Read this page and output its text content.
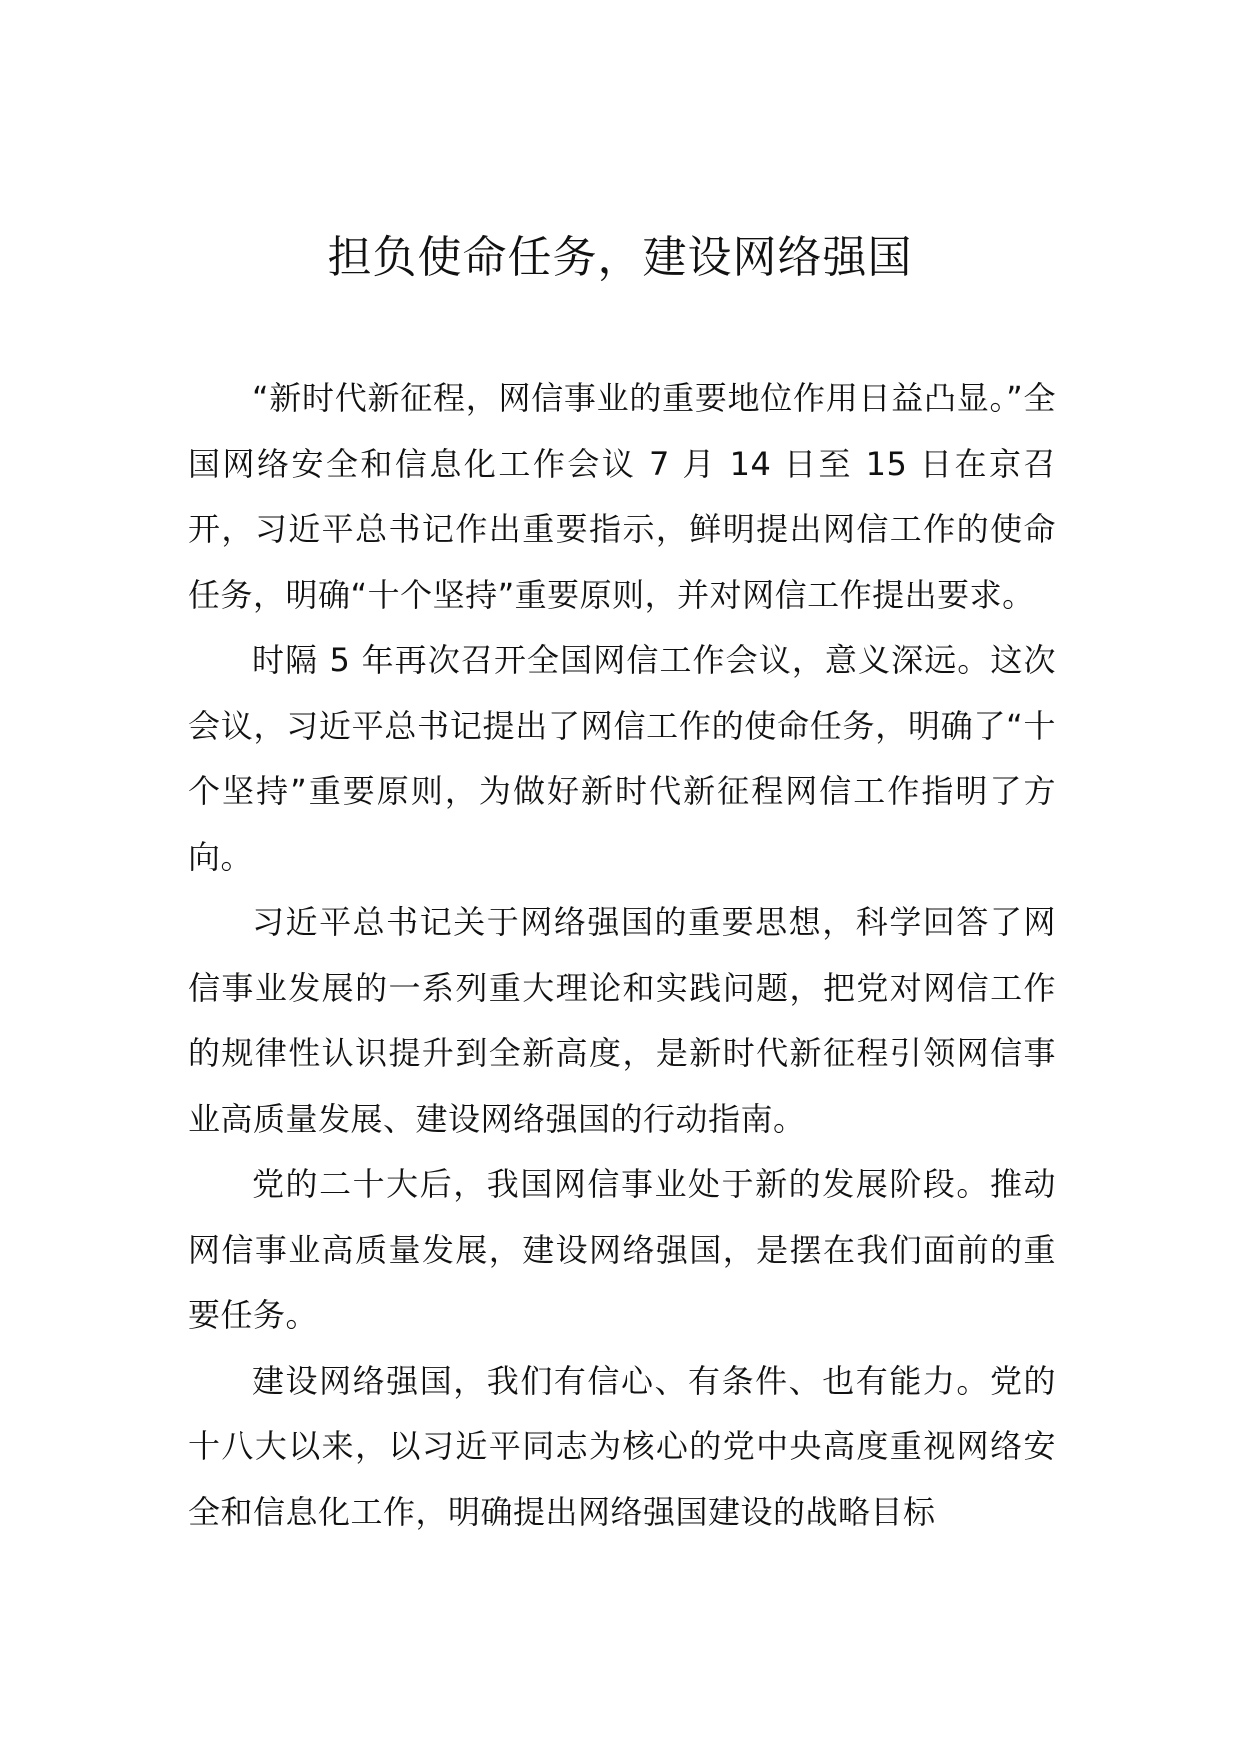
担负使命任务，建设网络强国

“新时代新征程，网信事业的重要地位作用日益凸显。”全国网络安全和信息化工作会议 7 月 14 日至 15 日在京召开，习近平总书记作出重要指示，鲜明提出网信工作的使命任务，明确“十个坚持”重要原则，并对网信工作提出要求。

时隔 5 年再次召开全国网信工作会议，意义深远。这次会议，习近平总书记提出了网信工作的使命任务，明确了“十个坚持”重要原则，为做好新时代新征程网信工作指明了方向。

习近平总书记关于网络强国的重要思想，科学回答了网信事业发展的一系列重大理论和实践问题，把党对网信工作的规律性认识提升到全新高度，是新时代新征程引领网信事业高质量发展、建设网络强国的行动指南。

党的二十大后，我国网信事业处于新的发展阶段。推动网信事业高质量发展，建设网络强国，是摆在我们面前的重要任务。

建设网络强国，我们有信心、有条件、也有能力。党的十八大以来，以习近平同志为核心的党中央高度重视网络安全和信息化工作，明确提出网络强国建设的战略目标
